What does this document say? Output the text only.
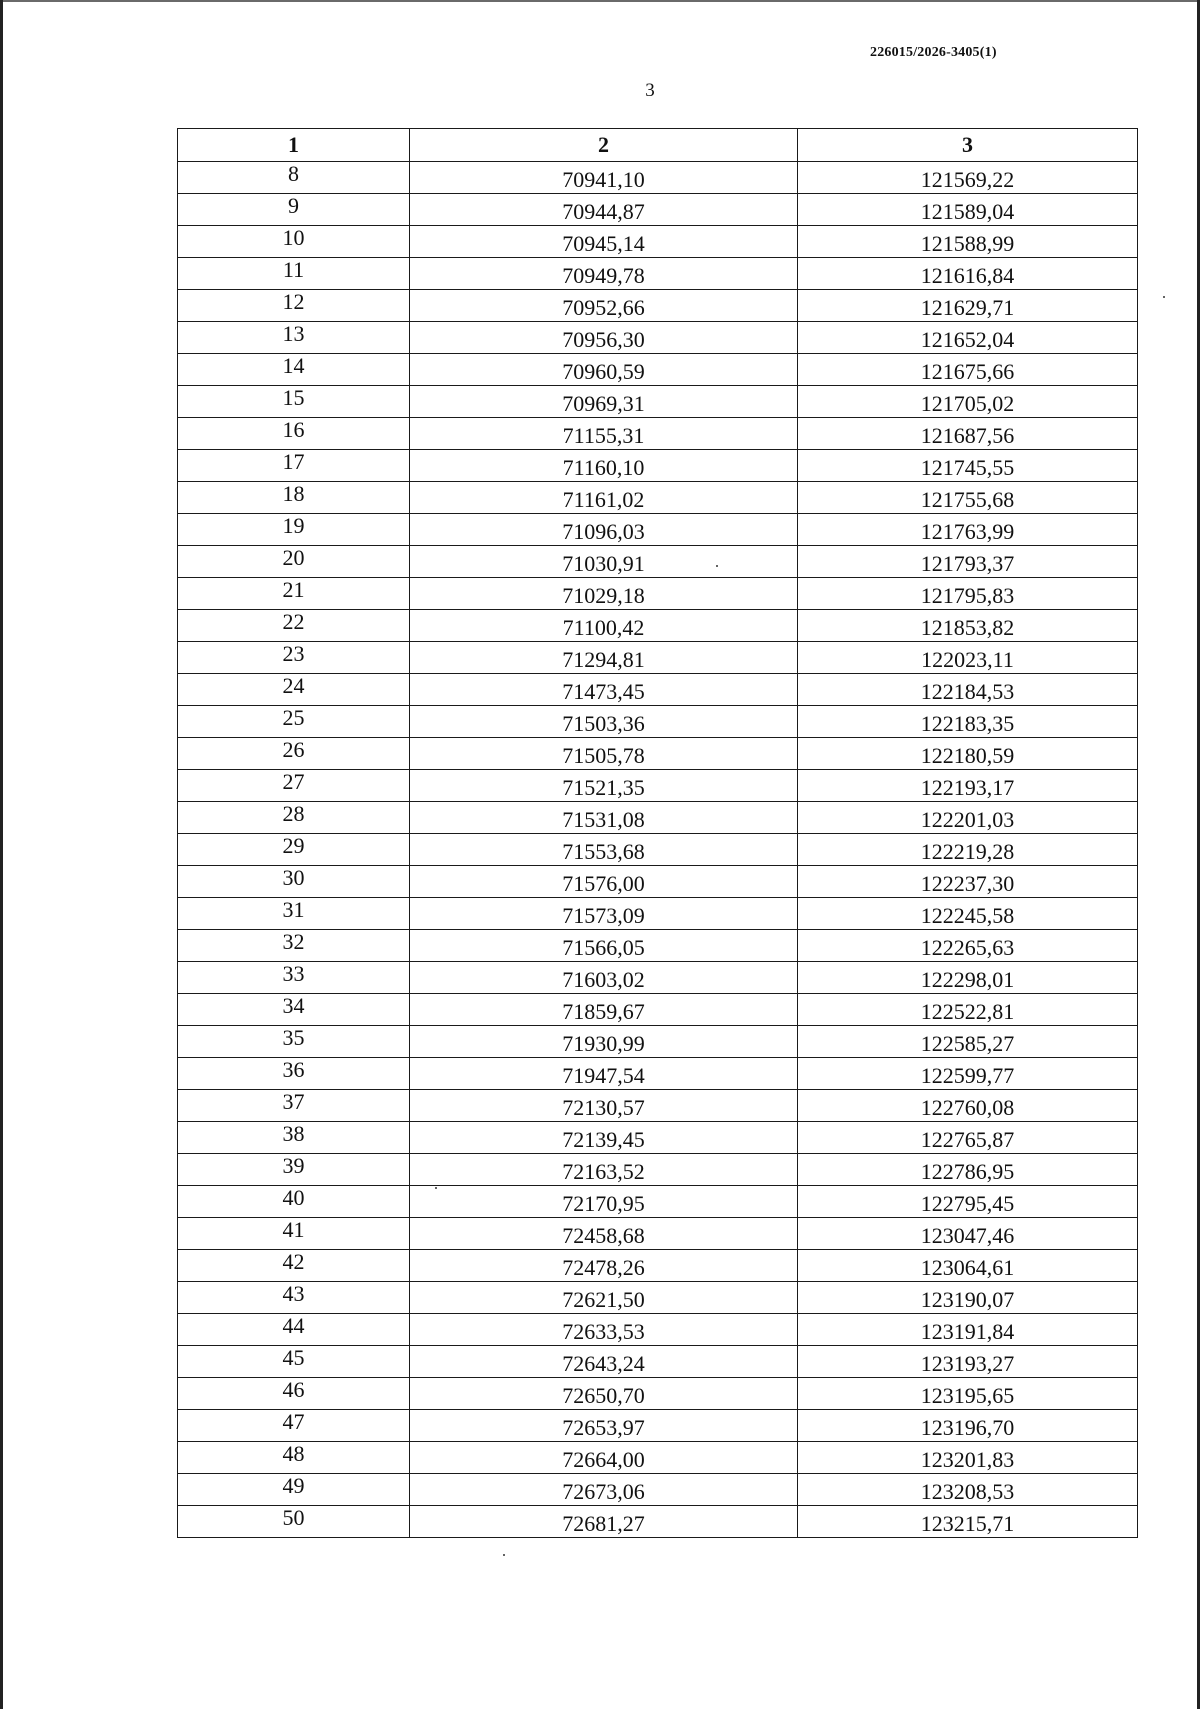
226015/2026-3405(1)
3
1	2	3
8	70941,10	121569,22
9	70944,87	121589,04
10	70945,14	121588,99
11	70949,78	121616,84
12	70952,66	121629,71
13	70956,30	121652,04
14	70960,59	121675,66
15	70969,31	121705,02
16	71155,31	121687,56
17	71160,10	121745,55
18	71161,02	121755,68
19	71096,03	121763,99
20	71030,91	121793,37
21	71029,18	121795,83
22	71100,42	121853,82
23	71294,81	122023,11
24	71473,45	122184,53
25	71503,36	122183,35
26	71505,78	122180,59
27	71521,35	122193,17
28	71531,08	122201,03
29	71553,68	122219,28
30	71576,00	122237,30
31	71573,09	122245,58
32	71566,05	122265,63
33	71603,02	122298,01
34	71859,67	122522,81
35	71930,99	122585,27
36	71947,54	122599,77
37	72130,57	122760,08
38	72139,45	122765,87
39	72163,52	122786,95
40	72170,95	122795,45
41	72458,68	123047,46
42	72478,26	123064,61
43	72621,50	123190,07
44	72633,53	123191,84
45	72643,24	123193,27
46	72650,70	123195,65
47	72653,97	123196,70
48	72664,00	123201,83
49	72673,06	123208,53
50	72681,27	123215,71
